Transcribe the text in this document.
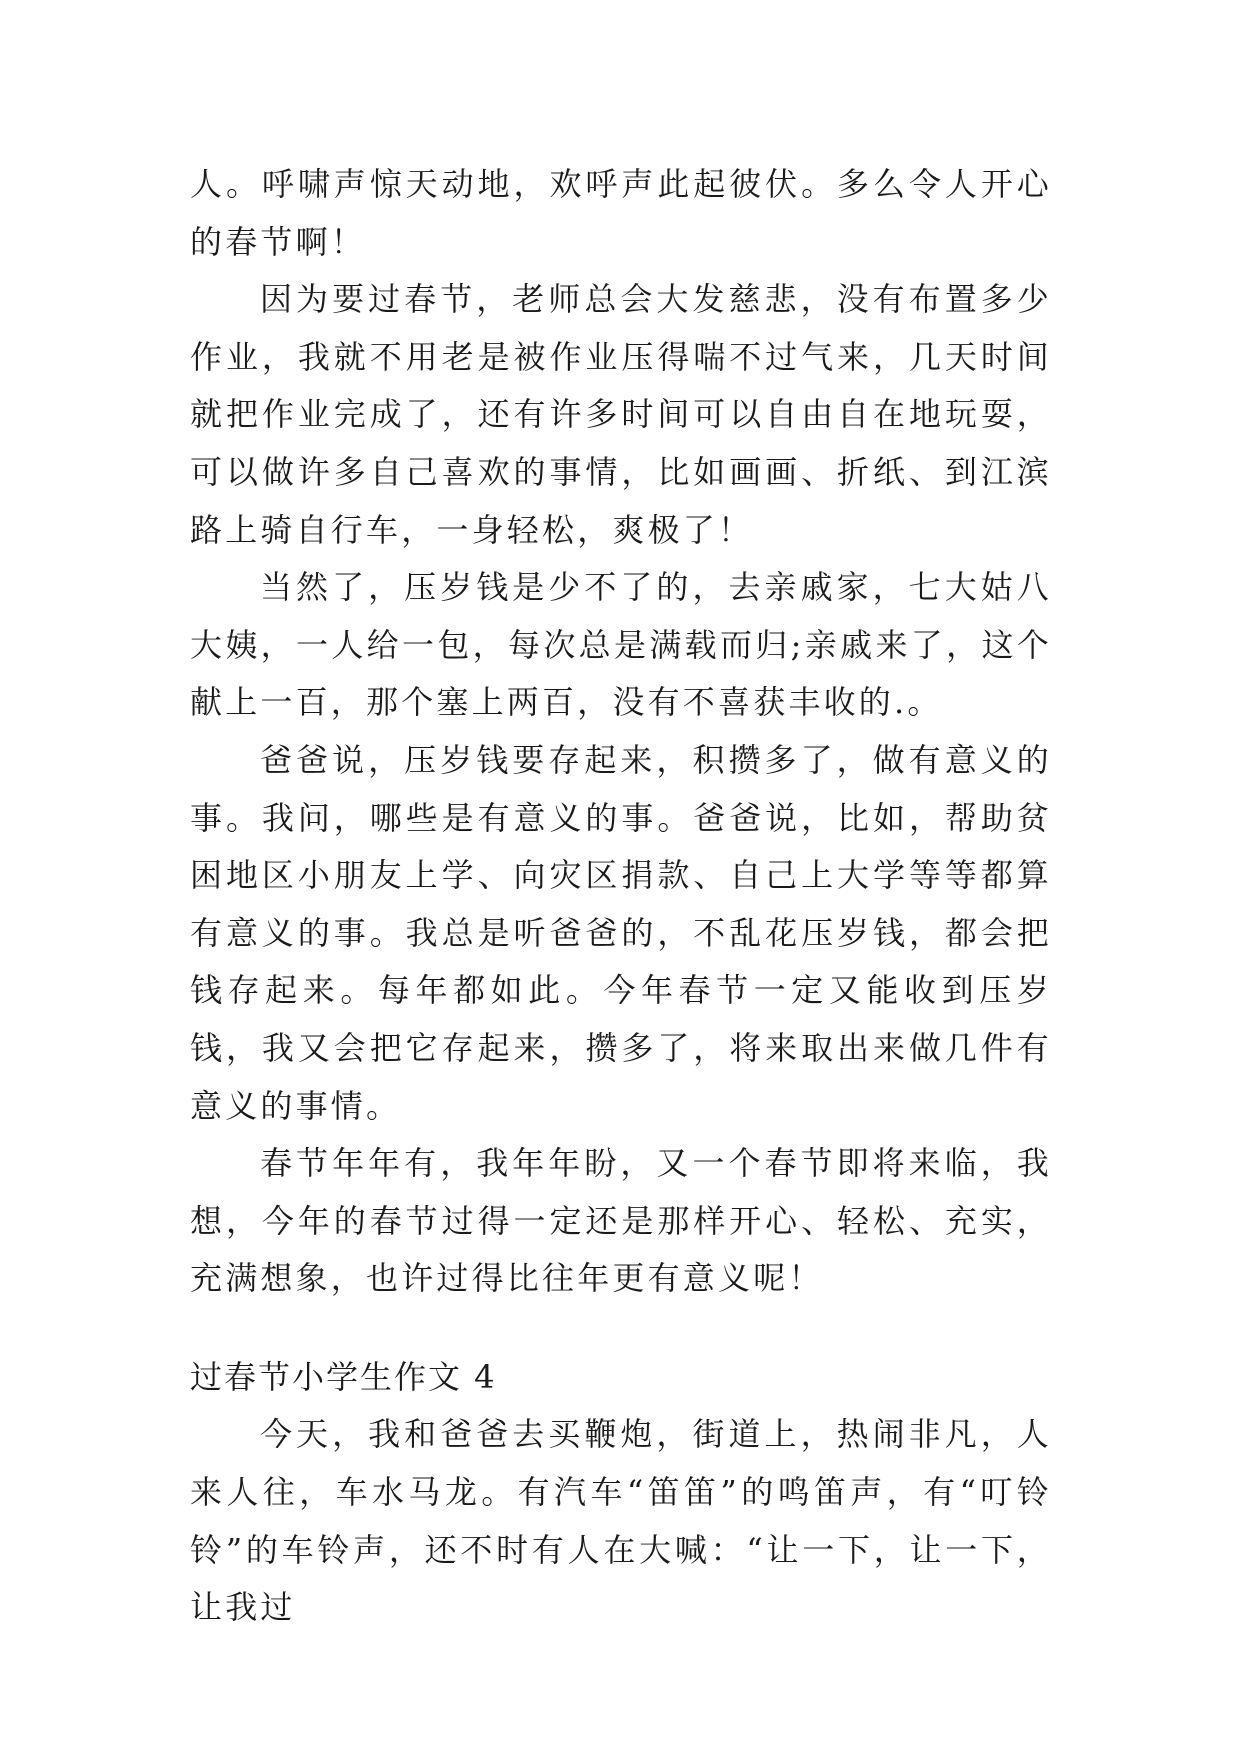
人。呼啸声惊天动地，欢呼声此起彼伏。多么令人开心的春节啊！

因为要过春节，老师总会大发慈悲，没有布置多少作业，我就不用老是被作业压得喘不过气来，几天时间就把作业完成了，还有许多时间可以自由自在地玩耍，可以做许多自己喜欢的事情，比如画画、折纸、到江滨路上骑自行车，一身轻松，爽极了！

当然了，压岁钱是少不了的，去亲戚家，七大姑八大姨，一人给一包，每次总是满载而归;亲戚来了，这个献上一百，那个塞上两百，没有不喜获丰收的.。

爸爸说，压岁钱要存起来，积攒多了，做有意义的事。我问，哪些是有意义的事。爸爸说，比如，帮助贫困地区小朋友上学、向灾区捐款、自己上大学等等都算有意义的事。我总是听爸爸的，不乱花压岁钱，都会把钱存起来。每年都如此。今年春节一定又能收到压岁钱，我又会把它存起来，攒多了，将来取出来做几件有意义的事情。

春节年年有，我年年盼，又一个春节即将来临，我想，今年的春节过得一定还是那样开心、轻松、充实，充满想象，也许过得比往年更有意义呢！

过春节小学生作文 4

今天，我和爸爸去买鞭炮，街道上，热闹非凡，人来人往，车水马龙。有汽车“笛笛”的鸣笛声，有“叮铃铃”的车铃声，还不时有人在大喊：“让一下，让一下，让我过
